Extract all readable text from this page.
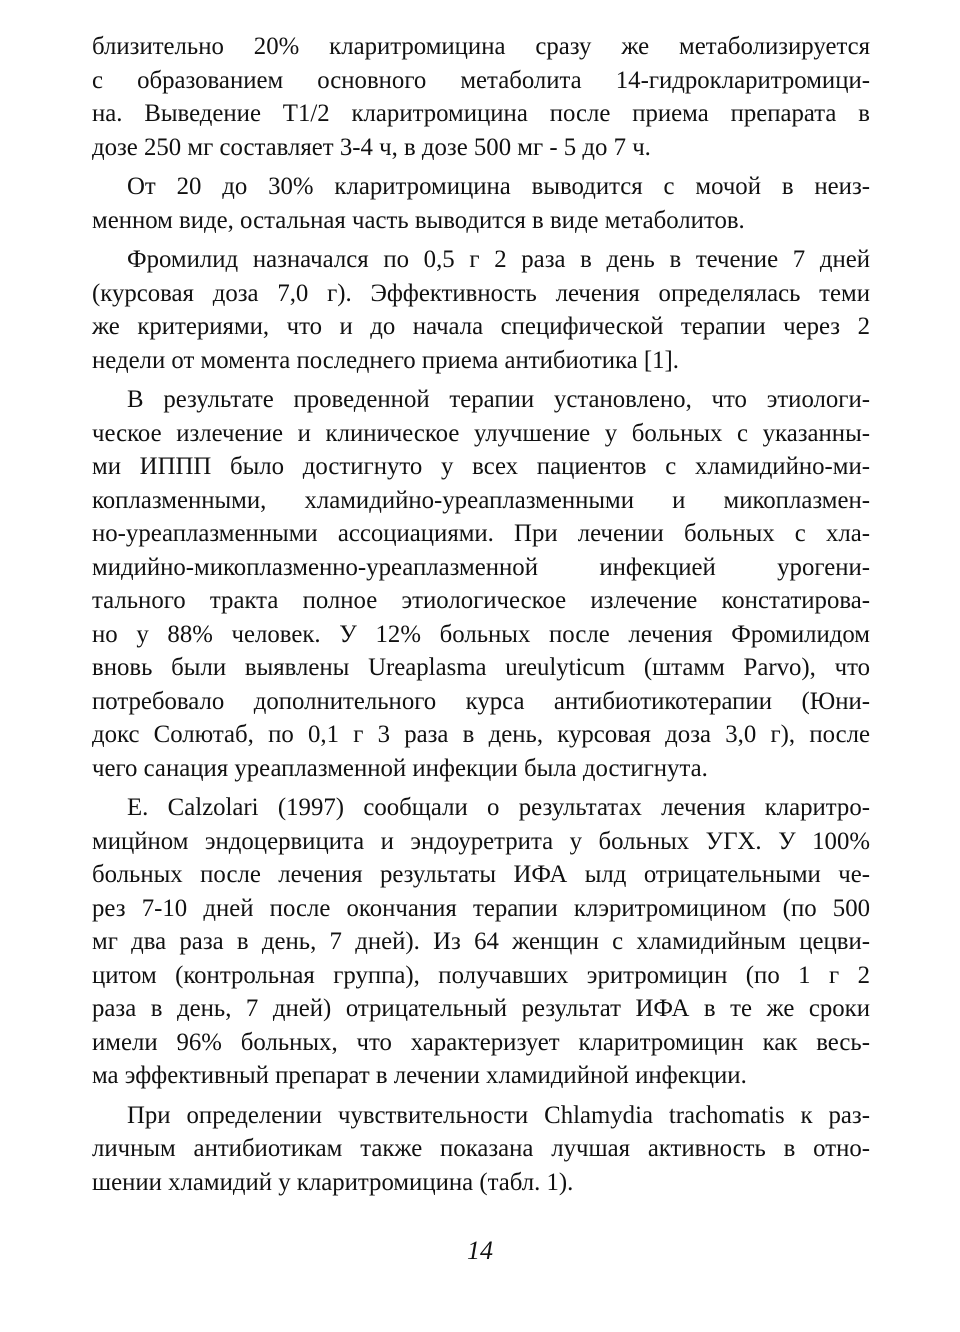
близительно 20% кларитромицина сразу же метаболизируется
с образованием основного метаболита 14-гидроклaритромици-
на. Выведение Т1/2 кларитромицина после приема препарата в
дозе 250 мг составляет 3-4 ч, в дозе 500 мг - 5 до 7 ч.

От 20 до 30% кларитромицина выводится с мочой в неиз-
менном виде, остальная часть выводится в виде метаболитов.

Фромилид назначался по 0,5 г 2 раза в день в течение 7 дней
(курсовая доза 7,0 г). Эффективность лечения определялась теми
же критериями, что и до начала специфической терапии через 2
недели от момента последнего приема антибиотика [1].

В результате проведенной терапии установлено, что этиологи-
ческое излечение и клиническое улучшение у больных с указанны-
ми ИППП было достигнуто у всех пациентов с хламидийно-ми-
коплазменными, хламидийно-уреаплазменными и микоплазмен-
но-уреаплазменными ассоциациями. При лечении больных с хла-
мидийно-микоплазменно-уреаплазменной инфекцией урогени-
тального тракта полное этиологическое излечение констатирова-
но у 88% человек. У 12% больных после лечения Фромилидом
вновь были выявлены Ureaplasma ureulyticum (штамм Parvo), что
потребовало дополнительного курса антибиотикотерапии (Юни-
докс Солютаб, по 0,1 г 3 раза в день, курсовая доза 3,0 г), после
чего санация уреаплазменной инфекции была достигнута.

E. Calzolari (1997) сообщали о результатах лечения кларитро-
мицйном эндоцервицита и эндоуретрита у больных УГХ. У 100%
больных после лечения результаты ИФА ылд отрицательными че-
рез 7-10 дней после окончания терапии клэритромицином (по 500
мг два раза в день, 7 дней). Из 64 женщин с хламидийным цецви-
цитом (контрольная группа), получавших эритромицин (по 1 г 2
раза в день, 7 дней) отрицательный результат ИФА в те же сроки
имели 96% больных, что характеризует кларитромицин как весь-
ма эффективный препарат в лечении хламидийной инфекции.

При определении чувствительности Chlamydia trachomatis к раз-
личным антибиотикам также показана лучшая активность в отно-
шении хламидий у кларитромицина (табл. 1).

14
